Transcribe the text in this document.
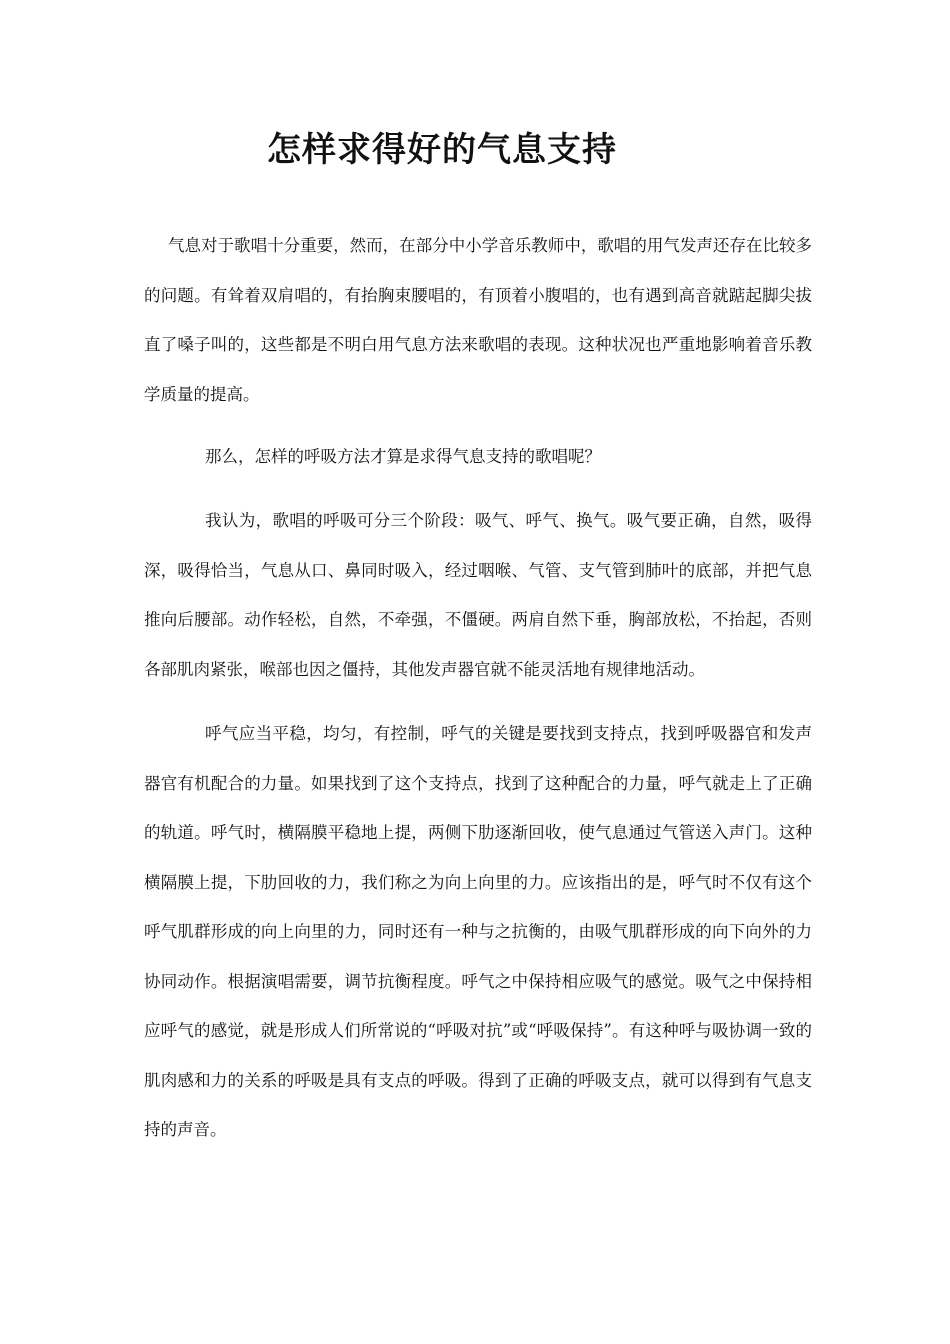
怎样求得好的气息支持

气息对于歌唱十分重要，然而，在部分中小学音乐教师中，歌唱的用气发声还存在比较多的问题。有耸着双肩唱的，有抬胸束腰唱的，有顶着小腹唱的，也有遇到高音就踮起脚尖拔直了嗓子叫的，这些都是不明白用气息方法来歌唱的表现。这种状况也严重地影响着音乐教学质量的提高。

那么，怎样的呼吸方法才算是求得气息支持的歌唱呢？

我认为，歌唱的呼吸可分三个阶段：吸气、呼气、换气。吸气要正确，自然，吸得深，吸得恰当，气息从口、鼻同时吸入，经过咽喉、气管、支气管到肺叶的底部，并把气息推向后腰部。动作轻松，自然，不牵强，不僵硬。两肩自然下垂，胸部放松，不抬起，否则各部肌肉紧张，喉部也因之僵持，其他发声器官就不能灵活地有规律地活动。

呼气应当平稳，均匀，有控制，呼气的关键是要找到支持点，找到呼吸器官和发声器官有机配合的力量。如果找到了这个支持点，找到了这种配合的力量，呼气就走上了正确的轨道。呼气时，横隔膜平稳地上提，两侧下肋逐渐回收，使气息通过气管送入声门。这种横隔膜上提，下肋回收的力，我们称之为向上向里的力。应该指出的是，呼气时不仅有这个呼气肌群形成的向上向里的力，同时还有一种与之抗衡的，由吸气肌群形成的向下向外的力协同动作。根据演唱需要，调节抗衡程度。呼气之中保持相应吸气的感觉。吸气之中保持相应呼气的感觉，就是形成人们所常说的“呼吸对抗”或“呼吸保持”。有这种呼与吸协调一致的肌肉感和力的关系的呼吸是具有支点的呼吸。得到了正确的呼吸支点，就可以得到有气息支持的声音。
